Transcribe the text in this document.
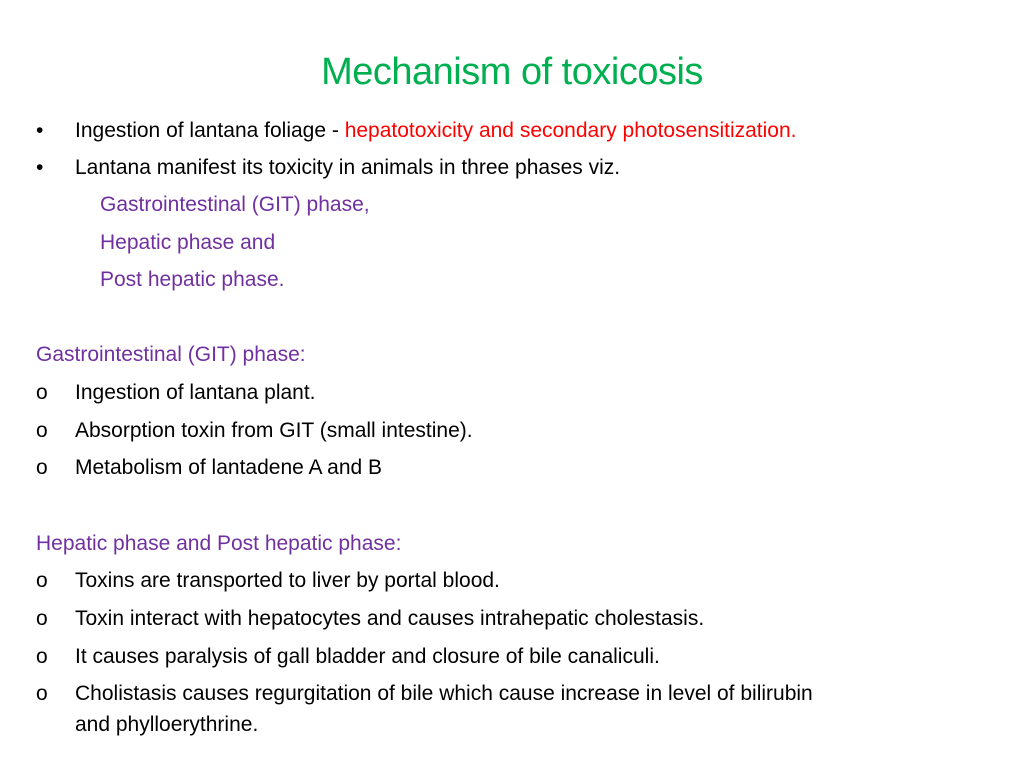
Mechanism of toxicosis
• Ingestion of lantana foliage - hepatotoxicity and secondary photosensitization.
• Lantana manifest its toxicity in animals in three phases viz.
Gastrointestinal (GIT) phase,
Hepatic phase and
Post hepatic phase.
Gastrointestinal (GIT) phase:
o Ingestion of lantana plant.
o Absorption toxin from GIT (small intestine).
o Metabolism of lantadene A and B
Hepatic phase and Post hepatic phase:
o Toxins are transported to liver by portal blood.
o Toxin interact with hepatocytes and causes intrahepatic cholestasis.
o It causes paralysis of gall bladder and closure of bile canaliculi.
o Cholistasis causes regurgitation of bile which cause increase in level of bilirubin
and phylloerythrine.
